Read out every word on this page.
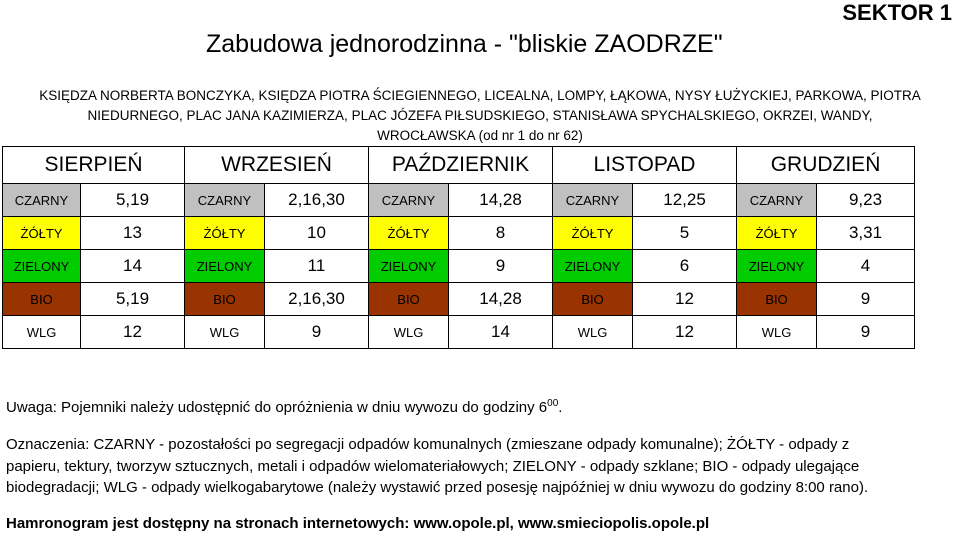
SEKTOR 1
Zabudowa jednorodzinna - "bliskie ZAODRZE"
KSIĘDZA NORBERTA BONCZYKA, KSIĘDZA PIOTRA ŚCIEGIENNEGO, LICEALNA, LOMPY, ŁĄKOWA, NYSY ŁUŻYCKIEJ, PARKOWA, PIOTRA
NIEDURNEGO, PLAC JANA KAZIMIERZA, PLAC JÓZEFA PIŁSUDSKIEGO, STANISŁAWA SPYCHALSKIEGO, OKRZEI, WANDY,
WROCŁAWSKA (od nr 1 do nr 62)
SIERPIEŃ		WRZESIEŃ		PAŹDZIERNIK		LISTOPAD		GRUDZIEŃ	
CZARNY	5,19	CZARNY	2,16,30	CZARNY	14,28	CZARNY	12,25	CZARNY	9,23
ŻÓŁTY	13	ŻÓŁTY	10	ŻÓŁTY	8	ŻÓŁTY	5	ŻÓŁTY	3,31
ZIELONY	14	ZIELONY	11	ZIELONY	9	ZIELONY	6	ZIELONY	4
BIO	5,19	BIO	2,16,30	BIO	14,28	BIO	12	BIO	9
WLG	12	WLG	9	WLG	14	WLG	12	WLG	9
Uwaga: Pojemniki należy udostępnić do opróżnienia w dniu wywozu do godziny $6^{00}$.
Oznaczenia: CZARNY - pozostałości po segregacji odpadów komunalnych (zmieszane odpady komunalne); ŻÓŁTY - odpady z papieru, tektury, tworzyw sztucznych, metali i odpadów wielomateriałowych; ZIELONY - odpady szklane; BIO - odpady ulegające biodegradacji; WLG - odpady wielkogabarytowe (należy wystawić przed posesję najpóźniej w dniu wywozu do godziny 8:00 rano).
Hamronogram jest dostępny na stronach internetowych: www.opole.pl, www.smieciopolis.opole.pl
